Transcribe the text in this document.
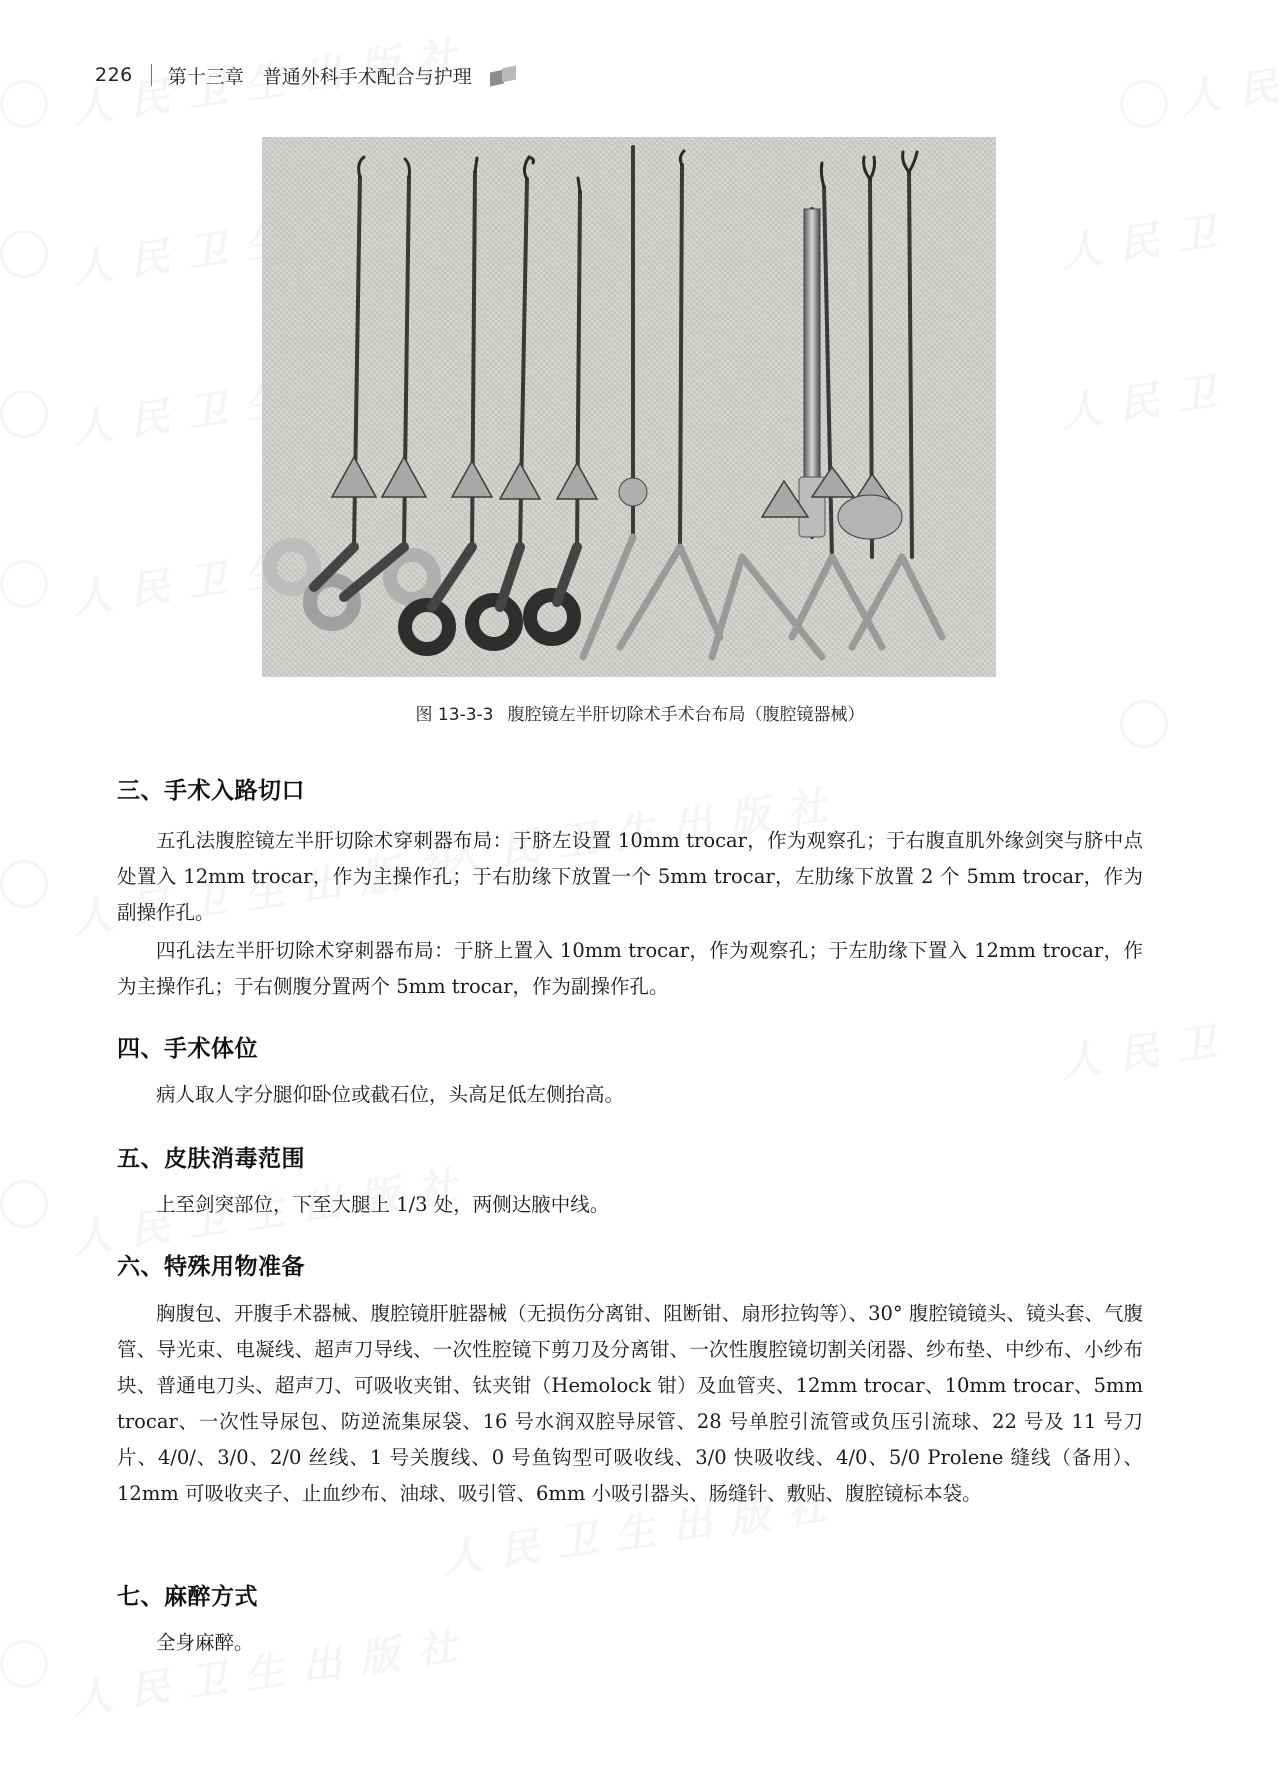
226 第十三章　普通外科手术配合与护理
图 13-3-3 腹腔镜左半肝切除术手术台布局（腹腔镜器械）
三、手术入路切口

五孔法腹腔镜左半肝切除术穿刺器布局：于脐左设置 10mm trocar，作为观察孔；于右腹直肌外缘剑突与脐中点处置入 12mm trocar，作为主操作孔；于右肋缘下放置一个 5mm trocar，左肋缘下放置 2 个 5mm trocar，作为副操作孔。

四孔法左半肝切除术穿刺器布局：于脐上置入 10mm trocar，作为观察孔；于左肋缘下置入 12mm trocar，作为主操作孔；于右侧腹分置两个 5mm trocar，作为副操作孔。

四、手术体位

病人取人字分腿仰卧位或截石位，头高足低左侧抬高。

五、皮肤消毒范围

上至剑突部位，下至大腿上 1/3 处，两侧达腋中线。

六、特殊用物准备

胸腹包、开腹手术器械、腹腔镜肝脏器械（无损伤分离钳、阻断钳、扇形拉钩等）、30° 腹腔镜镜头、镜头套、气腹管、导光束、电凝线、超声刀导线、一次性腔镜下剪刀及分离钳、一次性腹腔镜切割关闭器、纱布垫、中纱布、小纱布块、普通电刀头、超声刀、可吸收夹钳、钛夹钳（Hemolock 钳）及血管夹、12mm trocar、10mm trocar、5mm trocar、一次性导尿包、防逆流集尿袋、16 号水润双腔导尿管、28 号单腔引流管或负压引流球、22 号及 11 号刀片、4/0/、3/0、2/0 丝线、1 号关腹线、0 号鱼钩型可吸收线、3/0 快吸收线、4/0、5/0 Prolene 缝线（备用）、12mm 可吸收夹子、止血纱布、油球、吸引管、6mm 小吸引器头、肠缝针、敷贴、腹腔镜标本袋。

七、麻醉方式

全身麻醉。
